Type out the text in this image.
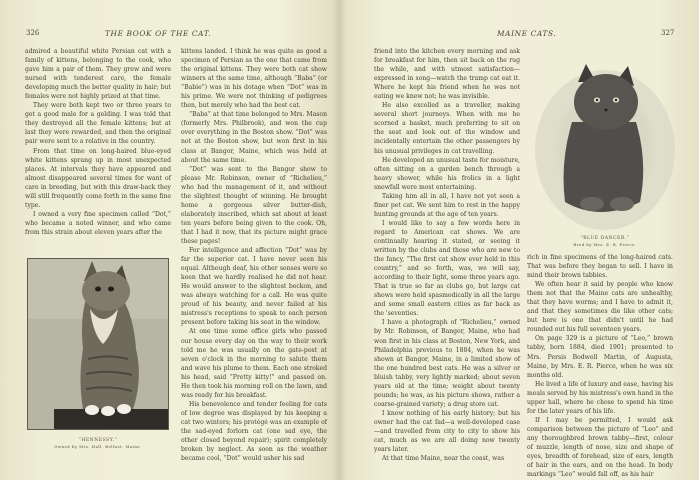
326	THE BOOK OF THE CAT.

admired a beautiful white Persian cat with a family of kittens, belonging to the cook, who gave him a pair of them. They grew and were nursed with tenderest care, the female developing much the better quality in hair; but females were not highly prized at that time.

They were both kept two or three years to get a good male for a gelding. I was told that they destroyed all the female kittens; but at last they were rewarded, and then the original pair were sent to a relative in the country.

From that time on long-haired blue-eyed white kittens sprang up in most unexpected places. At intervals they have appeared and almost disappeared several times for want of care in breeding, but with this draw-back they will still frequently come forth in the same fine type.

I owned a very fine specimen called “Dot,” who became a noted winner, and who came from this strain about eleven years after the

kittens landed. I think he was quite as good a specimen of Persian as the one that came from the original kittens. They were both cat show winners at the same time, although “Baba” (or “Babie”) was in his dotage when “Dot” was in his prime. We were not thinking of pedigrees then, but merely who had the best cat.

“Baba” at that time belonged to Mrs. Mason (formerly Mrs. Philbrook), and won the cup over everything in the Boston show. “Dot” was not at the Boston show, but won first in his class at Bangor, Maine, which was held at about the same time.

“Dot” was sent to the Bangor show to please Mr. Robinson, owner of “Richelieu,” who had the management of it, and without the slightest thought of winning. He brought home a gorgeous silver butter-dish, elaborately inscribed, which sat about at least ten years before being given to the cook. Oh, that I had it now, that its picture might grace these pages!

For intelligence and affection “Dot” was by far the superior cat. I have never seen his equal. Although deaf, his other senses were so keen that we hardly realised he did not hear. He would answer to the slightest beckon, and was always watching for a call. He was quite proud of his beauty, and never failed at his mistress's receptions to speak to each person present before taking his seat in the window.

At one time some office girls who passed our house every day on the way to their work told me he was usually on the gate-post at seven o'clock in the morning to salute them and wave his plume to them. Each one stroked his head, said “Pretty kitty!” and passed on. He then took his morning roll on the lawn, and was ready for his breakfast.

His benevolence and tender feeling for cats of low degree was displayed by his keeping a cat two winters; his protégé was an example of the sad-eyed forlorn cat (one sad eye, the other closed beyond repair); spirit completely broken by neglect. As soon as the weather became cool, “Dot” would usher his sad

“HENNESSY.”
Owned by Mrs. Hall, Belfast, Maine.
MAINE CATS.	327

friend into the kitchen every morning and ask for breakfast for him, then sit back on the rug the while, and with utmost satisfaction—expressed in song—watch the tramp cat eat it. Where he kept his friend when he was not eating we knew not; he was invisible.

He also excelled as a traveller, making several short journeys. When with me he scorned a basket, much preferring to sit on the seat and look out of the window and incidentally entertain the other passengers by his unusual privileges in cat travelling.

He developed an unusual taste for moisture, often sitting on a garden bench through a heavy shower, while his frolics in a light snowfall were most entertaining.

Taking him all in all, I have not yet seen a finer pet cat. We sent him to rest in the happy hunting grounds at the age of ten years.

I would like to say a few words here in regard to American cat shows. We are continually hearing it stated, or seeing it written by the clubs and those who are new to the fancy, “The first cat show ever held in this country,” and so forth, was, we will say, according to their light, some three years ago. That is true so far as clubs go, but large cat shows were held spasmodically in all the large and some small eastern cities as far back as the 'seventies.

I have a photograph of “Richelieu,” owned by Mr. Robinson, of Bangor, Maine, who had won first in his class at Boston, New York, and Philadelphia previous to 1884, when he was shown at Bangor, Maine, in a limited show of the one hundred best cats. He was a silver or bluish tabby, very lightly marked; about seven years old at the time; weight about twenty pounds; he was, as his picture shows, rather a coarse-grained variety; a drug store cat.

I know nothing of his early history; but his owner had the cat fad—a well-developed case—and travelled from city to city to show his cat, much as we are all doing now twenty years later.

At that time Maine, near the coast, was

rich in fine specimens of the long-haired cats. That was before they began to sell. I have in mind their brown tabbies.

We often hear it said by people who know them not that the Maine cats are unhealthy, that they have worms; and I have to admit it, and that they sometimes die like other cats; but here is one that didn't until he had rounded out his full seventeen years.

On page 329 is a picture of “Leo,” brown tabby, born 1884, died 1901; presented to Mrs. Persis Bodwell Martin, of Augusta, Maine, by Mrs. E. R. Pierce, when he was six months old.

He lived a life of luxury and ease, having his meals served by his mistress's own hand in the upper hall, where he chose to spend his time for the later years of his life.

If I may be permitted, I would ask comparison between the picture of “Leo” and any thoroughbred brown tabby—first, colour of muzzle, length of nose, size and shape of eyes, breadth of forehead, size of ears, length of hair in the ears, and on the head. In body markings “Leo” would fall off, as his hair

“BLUE DANCER.”
Bred by Mrs. E. R. Pierce.
